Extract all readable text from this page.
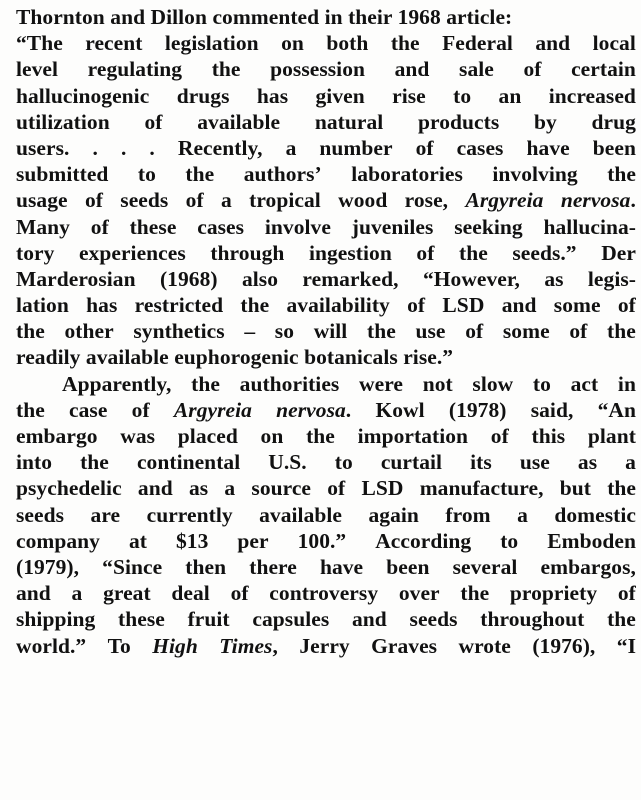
Thornton and Dillon commented in their 1968 article:
“The recent legislation on both the Federal and local
level regulating the possession and sale of certain
hallucinogenic drugs has given rise to an increased
utilization of available natural products by drug
users. . . . Recently, a number of cases have been
submitted to the authors’ laboratories involving the
usage of seeds of a tropical wood rose, Argyreia nervosa.
Many of these cases involve juveniles seeking hallucina-
tory experiences through ingestion of the seeds.” Der
Marderosian (1968) also remarked, “However, as legis-
lation has restricted the availability of LSD and some of
the other synthetics – so will the use of some of the
readily available euphorogenic botanicals rise.”
Apparently, the authorities were not slow to act in
the case of Argyreia nervosa. Kowl (1978) said, “An
embargo was placed on the importation of this plant
into the continental U.S. to curtail its use as a
psychedelic and as a source of LSD manufacture, but the
seeds are currently available again from a domestic
company at $13 per 100.” According to Emboden
(1979), “Since then there have been several embargos,
and a great deal of controversy over the propriety of
shipping these fruit capsules and seeds throughout the
world.” To High Times, Jerry Graves wrote (1976), “I
